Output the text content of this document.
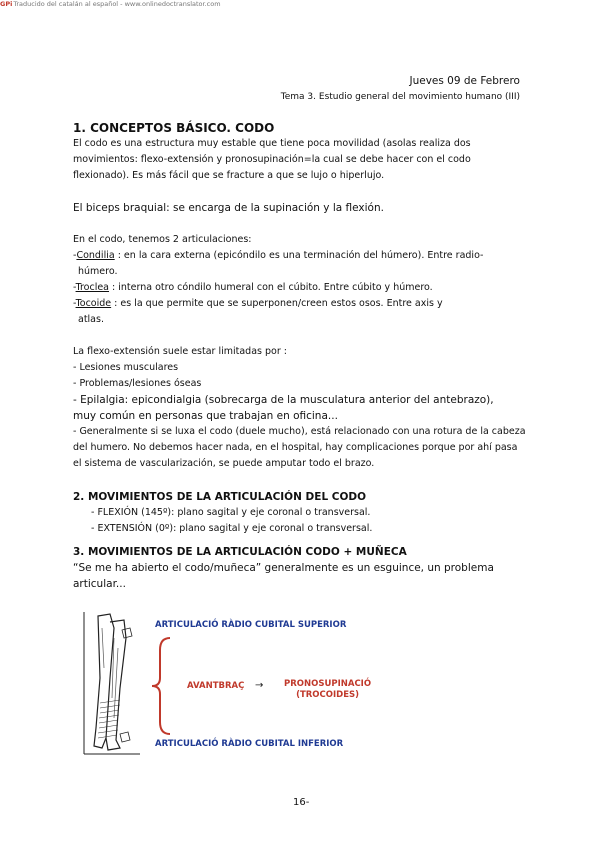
GPiTraducido del catalán al español - www.onlinedoctranslator.com
Jueves 09 de Febrero
Tema 3. Estudio general del movimiento humano (III)

1. CONCEPTOS BÁSICO. CODO

El codo es una estructura muy estable que tiene poca movilidad (asolas realiza dos

movimientos: flexo-extensión y pronosupinación=la cual se debe hacer con el codo

flexionado). Es más fácil que se fracture a que se lujo o hiperlujo.

El biceps braquial: se encarga de la supinación y la flexión.

En el codo, tenemos 2 articulaciones:

-Condilia : en la cara externa (epicóndilo es una terminación del húmero). Entre radio-

húmero.

-Troclea : interna otro cóndilo humeral con el cúbito. Entre cúbito y húmero.

-Tocoide : es la que permite que se superponen/creen estos osos. Entre axis y

atlas.

La flexo-extensión suele estar limitadas por :

- Lesiones musculares

- Problemas/lesiones óseas

- Epilalgia: epicondialgia (sobrecarga de la musculatura anterior del antebrazo),

muy común en personas que trabajan en oficina...

- Generalmente si se luxa el codo (duele mucho), está relacionado con una rotura de la cabeza

del humero. No debemos hacer nada, en el hospital, hay complicaciones porque por ahí pasa

el sistema de vascularización, se puede amputar todo el brazo.

2. MOVIMIENTOS DE LA ARTICULACIÓN DEL CODO

- FLEXIÓN (145º): plano sagital y eje coronal o transversal.

- EXTENSIÓN (0º): plano sagital y eje coronal o transversal.

3. MOVIMIENTOS DE LA ARTICULACIÓN CODO + MUÑECA

“Se me ha abierto el codo/muñeca” generalmente es un esguince, un problema

articular...

ARTICULACIÓ RÀDIO CUBITAL SUPERIOR
AVANTBRAÇ → PRONOSUPINACIÓ
(TROCOIDES)
ARTICULACIÓ RÀDIO CUBITAL INFERIOR
16-
